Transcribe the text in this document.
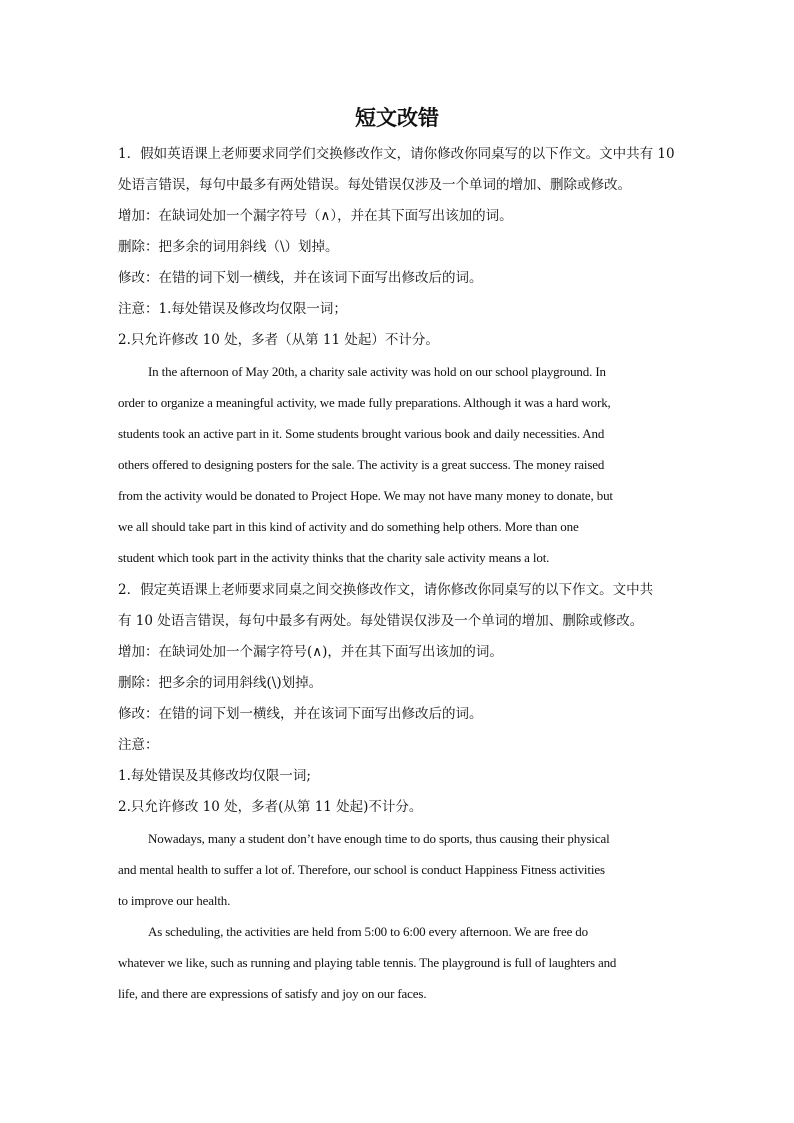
短文改错
1．假如英语课上老师要求同学们交换修改作文，请你修改你同桌写的以下作文。文中共有 10
处语言错误，每句中最多有两处错误。每处错误仅涉及一个单词的增加、删除或修改。
增加：在缺词处加一个漏字符号（∧），并在其下面写出该加的词。
删除：把多余的词用斜线（\）划掉。
修改：在错的词下划一横线，并在该词下面写出修改后的词。
注意：1.每处错误及修改均仅限一词；
2.只允许修改 10 处，多者（从第 11 处起）不计分。
In the afternoon of May 20th, a charity sale activity was hold on our school playground. In
order to organize a meaningful activity, we made fully preparations. Although it was a hard work,
students took an active part in it. Some students brought various book and daily necessities. And
others offered to designing posters for the sale. The activity is a great success. The money raised
from the activity would be donated to Project Hope. We may not have many money to donate, but
we all should take part in this kind of activity and do something help others. More than one
student which took part in the activity thinks that the charity sale activity means a lot.
2．假定英语课上老师要求同桌之间交换修改作文，请你修改你同桌写的以下作文。文中共
有 10 处语言错误，每句中最多有两处。每处错误仅涉及一个单词的增加、删除或修改。
增加：在缺词处加一个漏字符号(∧)，并在其下面写出该加的词。
删除：把多余的词用斜线(\)划掉。
修改：在错的词下划一横线，并在该词下面写出修改后的词。
注意：
1.每处错误及其修改均仅限一词;
2.只允许修改 10 处，多者(从第 11 处起)不计分。
Nowadays, many a student don’t have enough time to do sports, thus causing their physical
and mental health to suffer a lot of. Therefore, our school is conduct Happiness Fitness activities
to improve our health.
As scheduling, the activities are held from 5:00 to 6:00 every afternoon. We are free do
whatever we like, such as running and playing table tennis. The playground is full of laughters and
life, and there are expressions of satisfy and joy on our faces.
